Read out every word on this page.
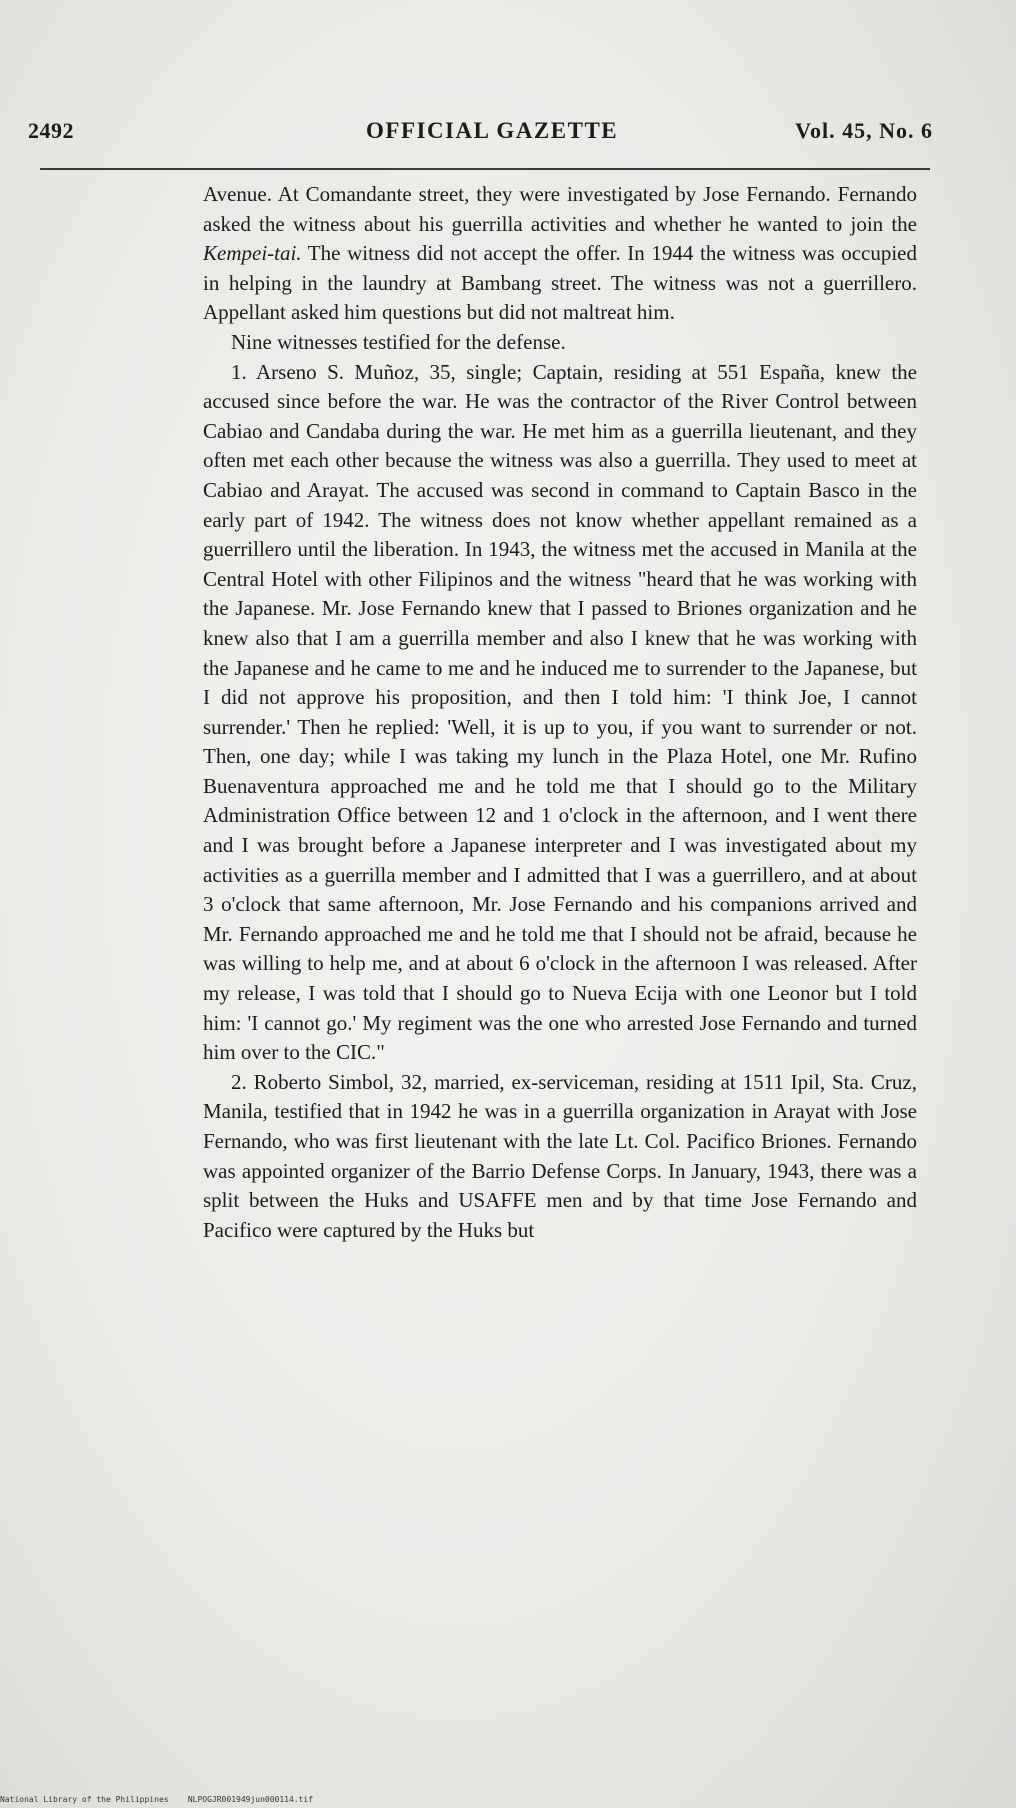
2492	OFFICIAL GAZETTE	Vol. 45, No. 6

Avenue. At Comandante street, they were investigated by Jose Fernando. Fernando asked the witness about his guerrilla activities and whether he wanted to join the Kempei-tai. The witness did not accept the offer. In 1944 the witness was occupied in helping in the laundry at Bambang street. The witness was not a guerrillero. Appellant asked him questions but did not maltreat him.

Nine witnesses testified for the defense.

1. Arseno S. Muñoz, 35, single; Captain, residing at 551 España, knew the accused since before the war. He was the contractor of the River Control between Cabiao and Candaba during the war. He met him as a guerrilla lieutenant, and they often met each other because the witness was also a guerrilla. They used to meet at Cabiao and Arayat. The accused was second in command to Captain Basco in the early part of 1942. The witness does not know whether appellant remained as a guerrillero until the liberation. In 1943, the witness met the accused in Manila at the Central Hotel with other Filipinos and the witness "heard that he was working with the Japanese. Mr. Jose Fernando knew that I passed to Briones organization and he knew also that I am a guerrilla member and also I knew that he was working with the Japanese and he came to me and he induced me to surrender to the Japanese, but I did not approve his proposition, and then I told him: 'I think Joe, I cannot surrender.' Then he replied: 'Well, it is up to you, if you want to surrender or not. Then, one day; while I was taking my lunch in the Plaza Hotel, one Mr. Rufino Buenaventura approached me and he told me that I should go to the Military Administration Office between 12 and 1 o'clock in the afternoon, and I went there and I was brought before a Japanese interpreter and I was investigated about my activities as a guerrilla member and I admitted that I was a guerrillero, and at about 3 o'clock that same afternoon, Mr. Jose Fernando and his companions arrived and Mr. Fernando approached me and he told me that I should not be afraid, because he was willing to help me, and at about 6 o'clock in the afternoon I was released. After my release, I was told that I should go to Nueva Ecija with one Leonor but I told him: 'I cannot go.' My regiment was the one who arrested Jose Fernando and turned him over to the CIC."

2. Roberto Simbol, 32, married, ex-serviceman, residing at 1511 Ipil, Sta. Cruz, Manila, testified that in 1942 he was in a guerrilla organization in Arayat with Jose Fernando, who was first lieutenant with the late Lt. Col. Pacifico Briones. Fernando was appointed organizer of the Barrio Defense Corps. In January, 1943, there was a split between the Huks and USAFFE men and by that time Jose Fernando and Pacifico were captured by the Huks but

National Library of the Philippines    NLPOGJR001949jun000114.tif
